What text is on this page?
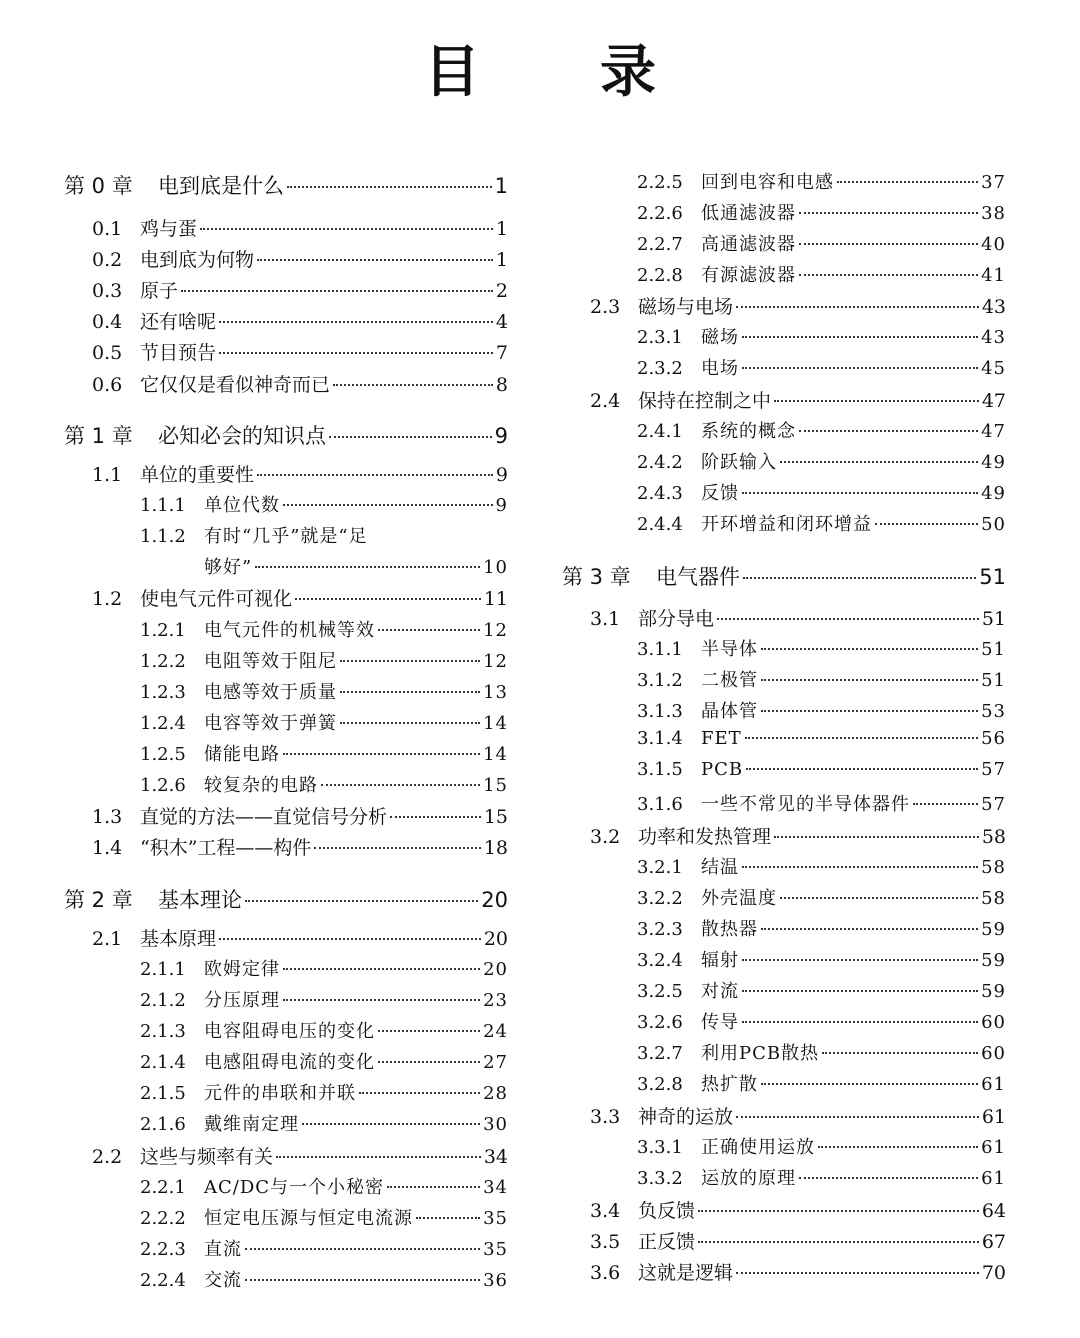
目 录
第 0 章	电到底是什么	1
0.1 鸡与蛋	1
0.2 电到底为何物	1
0.3 原子	2
0.4 还有啥呢	4
0.5 节目预告	7
0.6 它仅仅是看似神奇而已	8
第 1 章	必知必会的知识点	9
1.1 单位的重要性	9
1.1.1	单位代数	9
1.1.2	有时“几乎”就是“足
够好”	10
1.2 使电气元件可视化	11
1.2.1	电气元件的机械等效	12
1.2.2	电阻等效于阻尼	12
1.2.3	电感等效于质量	13
1.2.4	电容等效于弹簧	14
1.2.5	储能电路	14
1.2.6	较复杂的电路	15
1.3 直觉的方法——直觉信号分析	15
1.4 “积木”工程——构件	18
第 2 章	基本理论	20
2.1 基本原理	20
2.1.1	欧姆定律	20
2.1.2	分压原理	23
2.1.3	电容阻碍电压的变化	24
2.1.4	电感阻碍电流的变化	27
2.1.5	元件的串联和并联	28
2.1.6	戴维南定理	30
2.2 这些与频率有关	34
2.2.1	AC/DC与一个小秘密	34
2.2.2	恒定电压源与恒定电流源	35
2.2.3	直流	35
2.2.4	交流	36
2.2.5	回到电容和电感	37
2.2.6	低通滤波器	38
2.2.7	高通滤波器	40
2.2.8	有源滤波器	41
2.3 磁场与电场	43
2.3.1	磁场	43
2.3.2	电场	45
2.4 保持在控制之中	47
2.4.1	系统的概念	47
2.4.2	阶跃输入	49
2.4.3	反馈	49
2.4.4	开环增益和闭环增益	50
第 3 章	电气器件	51
3.1 部分导电	51
3.1.1	半导体	51
3.1.2	二极管	51
3.1.3	晶体管	53
3.1.4	FET	56
3.1.5	PCB	57
3.1.6	一些不常见的半导体器件	57
3.2 功率和发热管理	58
3.2.1	结温	58
3.2.2	外壳温度	58
3.2.3	散热器	59
3.2.4	辐射	59
3.2.5	对流	59
3.2.6	传导	60
3.2.7	利用PCB散热	60
3.2.8	热扩散	61
3.3 神奇的运放	61
3.3.1	正确使用运放	61
3.3.2	运放的原理	61
3.4 负反馈	64
3.5 正反馈	67
3.6 这就是逻辑	70
